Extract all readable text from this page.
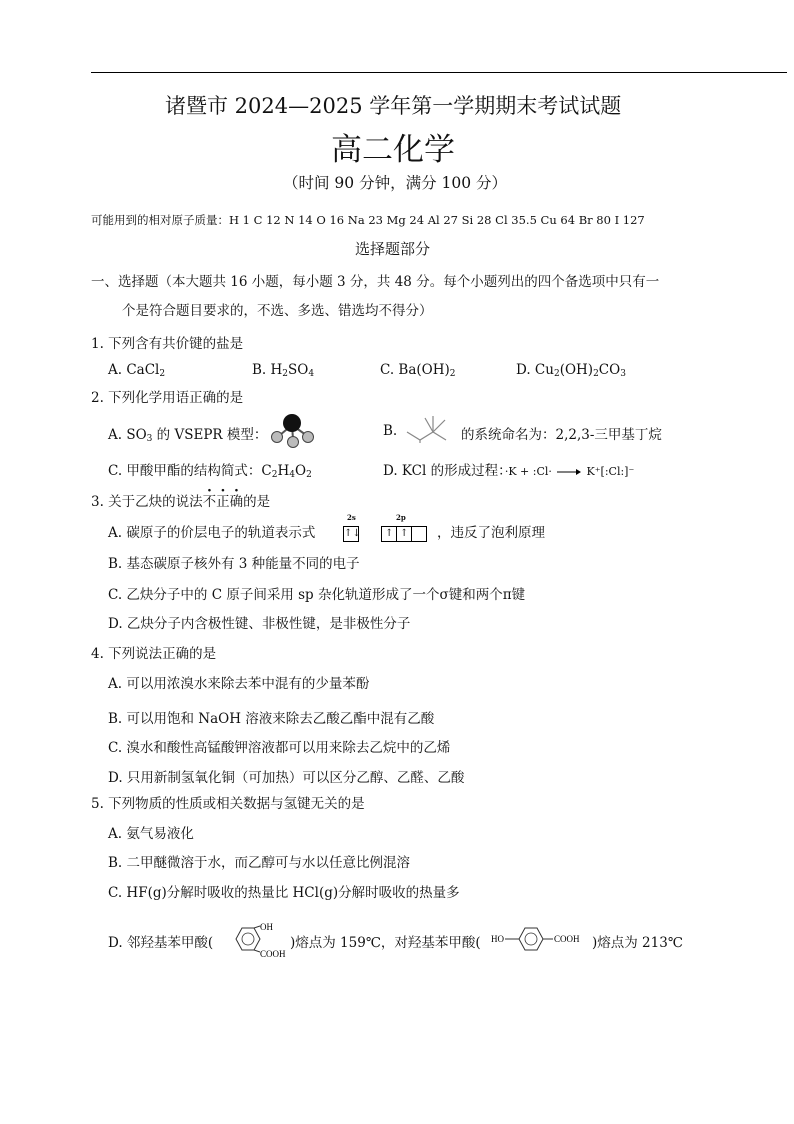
诸暨市 2024—2025 学年第一学期期末考试试题
高二化学
（时间 90 分钟，满分 100 分）
可能用到的相对原子质量：H 1 C 12 N 14 O 16 Na 23 Mg 24 Al 27 Si 28 Cl 35.5 Cu 64 Br 80 I 127
选择题部分
一、选择题（本大题共 16 小题，每小题 3 分，共 48 分。每个小题列出的四个备选项中只有一
个是符合题目要求的，不选、多选、错选均不得分）
1. 下列含有共价键的盐是
A. CaCl$_2$	B. $H_2SO_4$	C. $Ba(OH)_2$	D. $Cu_2(OH)_2CO_3$
2. 下列化学用语正确的是
A. $SO_3$ 的 VSEPR 模型：	B.	的系统命名为：2,2,3-三甲基丁烷
C. 甲酸甲酯的结构简式：$C_2H_4O_2$	D. KCl 的形成过程：·K + :Cl· → K⁺[:Cl:]⁻
3. 关于乙炔的说法不正确的是
A. 碳原子的价层电子的轨道表示式
2s	2p
↑↓ ↑ ↑	，违反了泡利原理
B. 基态碳原子核外有 3 种能量不同的电子
C. 乙炔分子中的 C 原子间采用 sp 杂化轨道形成了一个σ键和两个π键
D. 乙炔分子内含极性键、非极性键，是非极性分子
4. 下列说法正确的是
A. 可以用浓溴水来除去苯中混有的少量苯酚
B. 可以用饱和 NaOH 溶液来除去乙酸乙酯中混有乙酸
C. 溴水和酸性高锰酸钾溶液都可以用来除去乙烷中的乙烯
D. 只用新制氢氧化铜（可加热）可以区分乙醇、乙醛、乙酸
5. 下列物质的性质或相关数据与氢键无关的是
A. 氨气易液化
B. 二甲醚微溶于水，而乙醇可与水以任意比例混溶
C. HF(g)分解时吸收的热量比 HCl(g)分解时吸收的热量多
D. 邻羟基苯甲酸(
OH
COOH
)熔点为 159℃，对羟基苯甲酸( HO	COOH )熔点为 213℃
